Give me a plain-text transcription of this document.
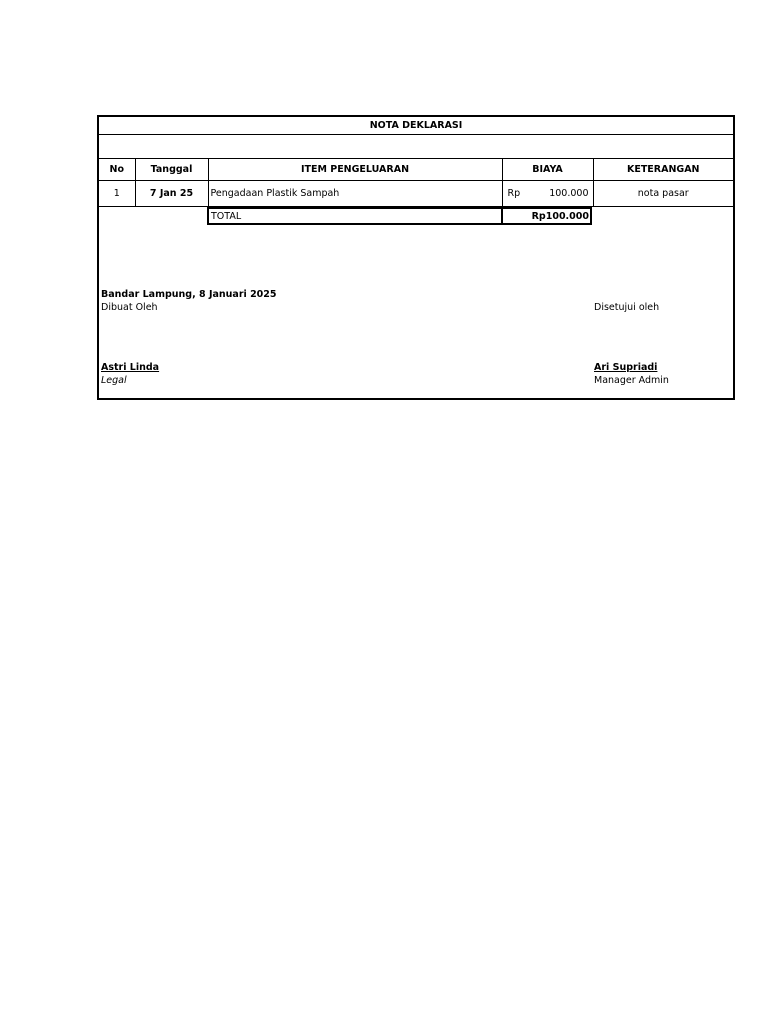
NOTA DEKLARASI
No	Tanggal	ITEM PENGELUARAN	BIAYA	KETERANGAN
1	7 Jan 25	Pengadaan Plastik Sampah	Rp 100.000	nota pasar
TOTAL	Rp100.000
Bandar Lampung, 8 Januari 2025
Dibuat Oleh	Disetujui oleh
Astri Linda
Legal
Ari Supriadi
Manager Admin
